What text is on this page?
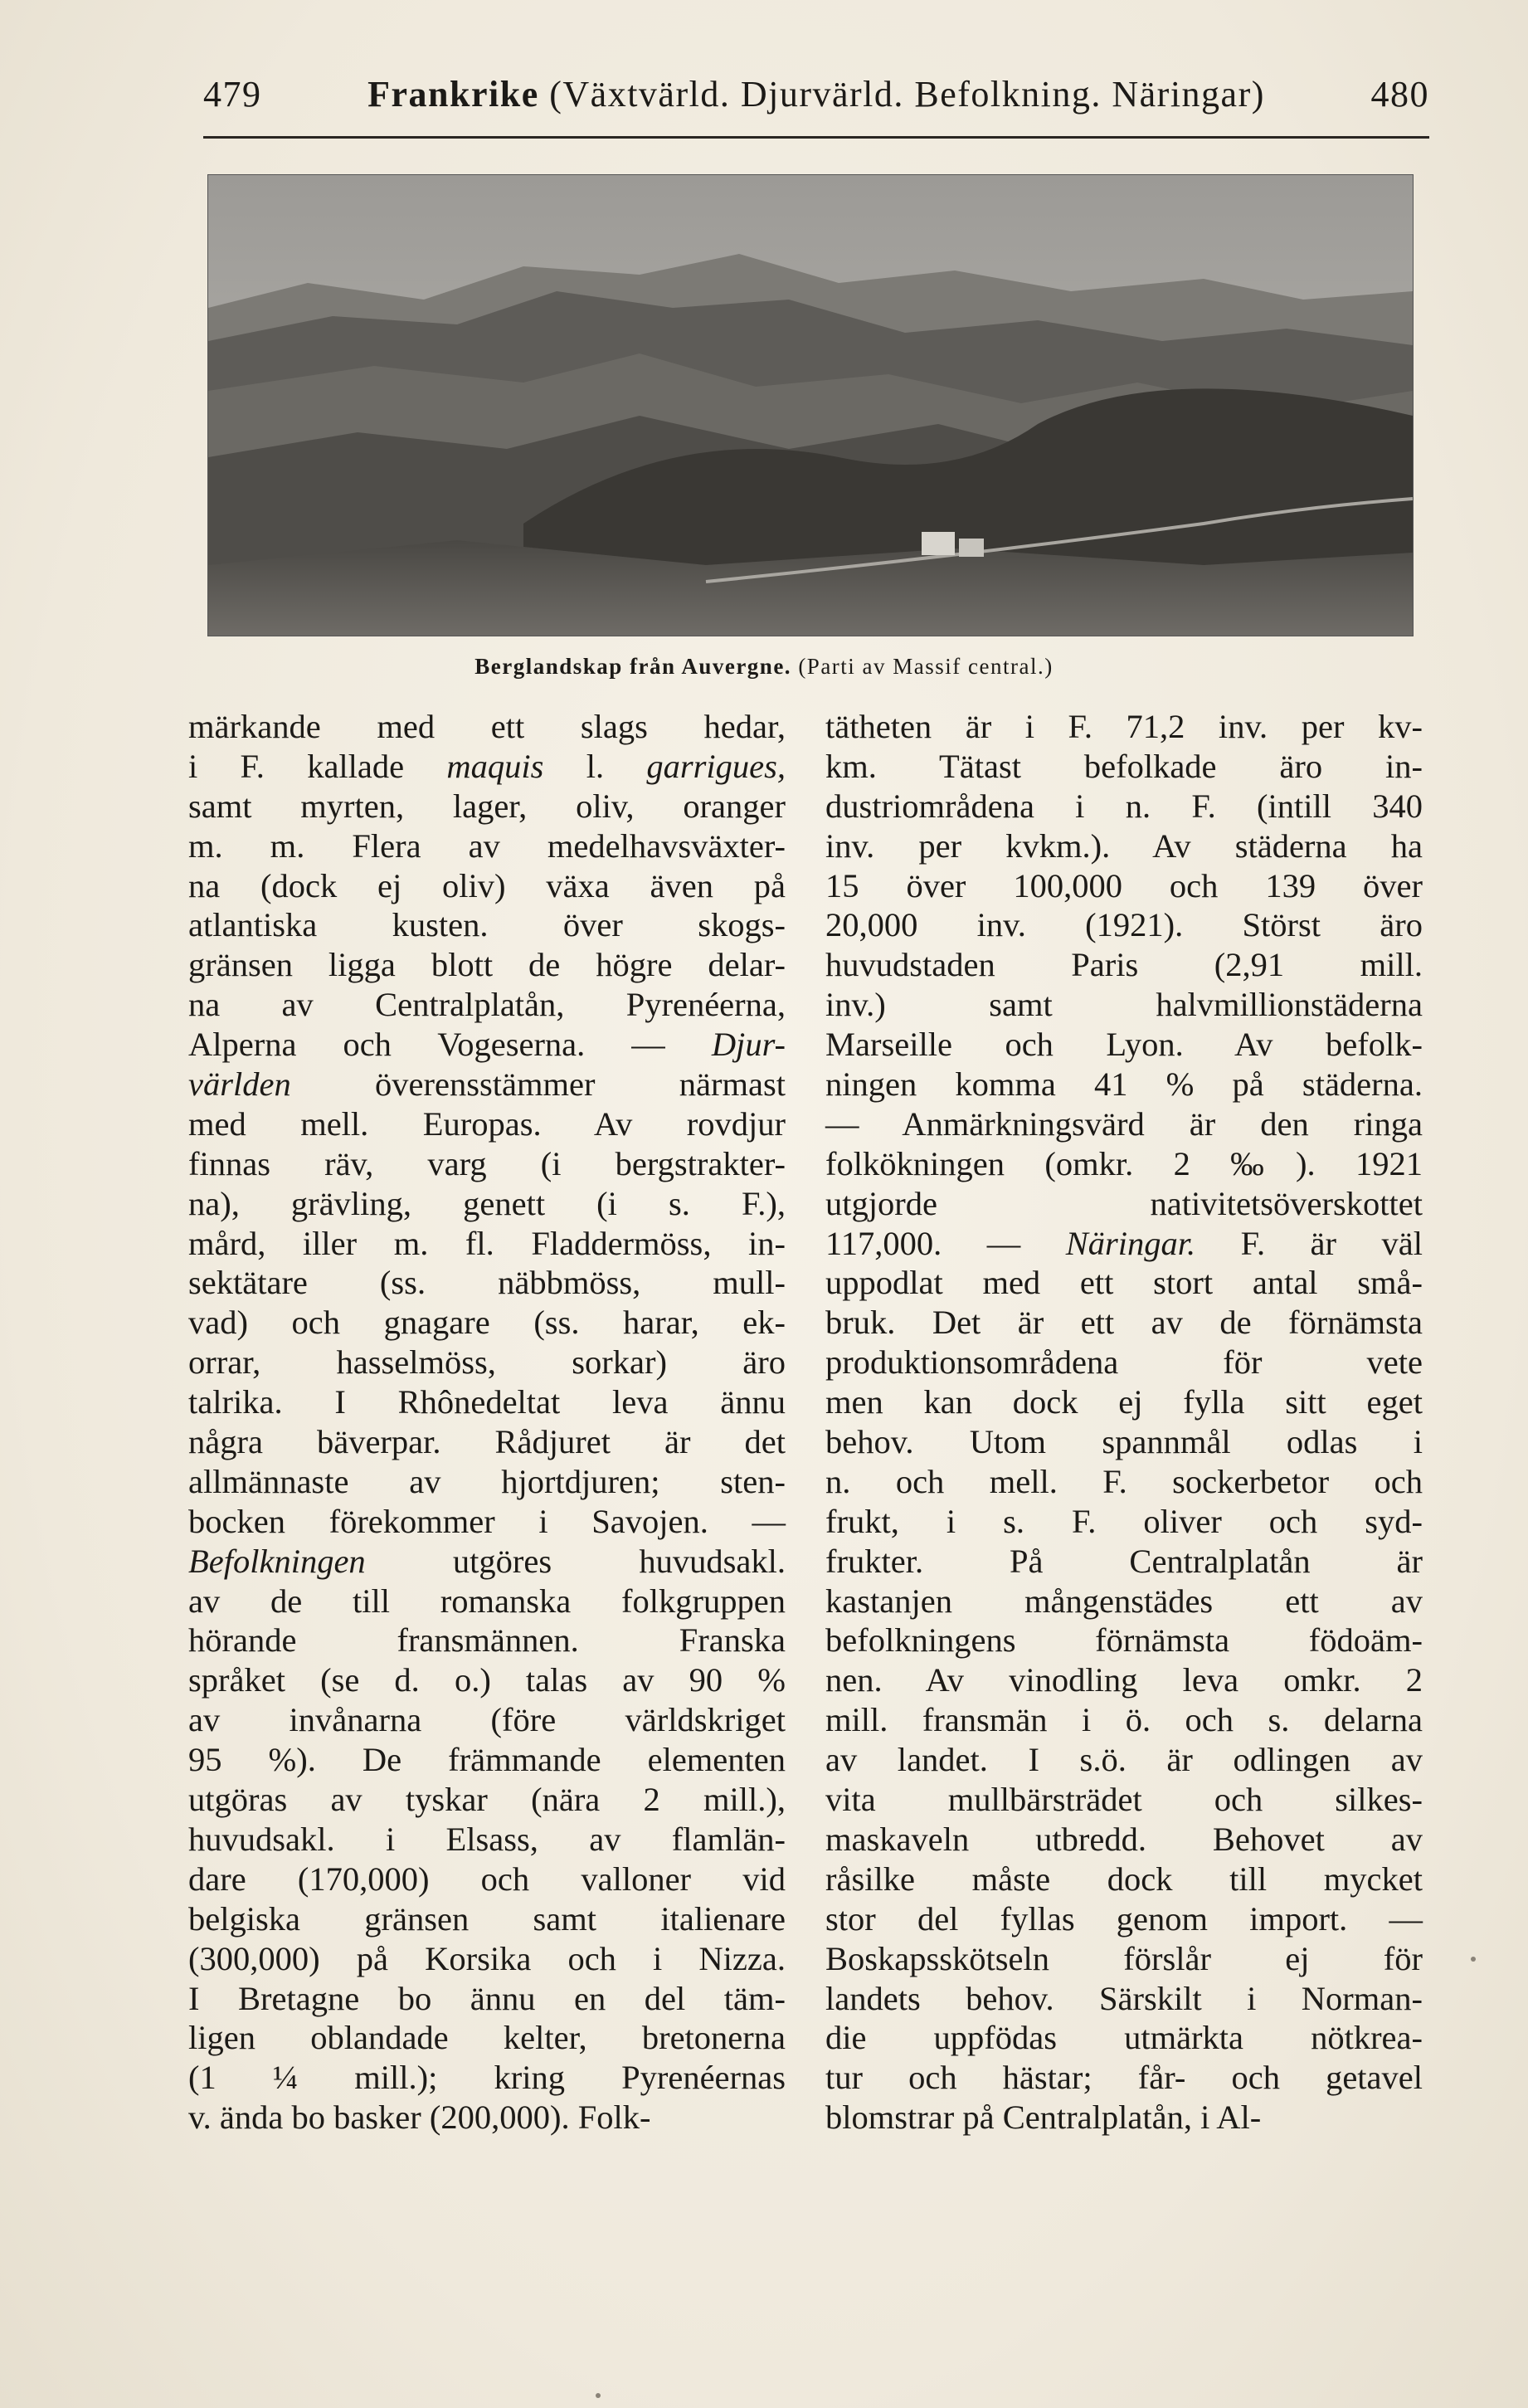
479	Frankrike (Växtvärld. Djurvärld. Befolkning. Näringar)	480
Berglandskap från Auvergne. (Parti av Massif central.)
märkande med ett slags hedar,
i F. kallade maquis l. garrigues,
samt myrten, lager, oliv, oranger
m. m. Flera av medelhavsväxter-
na (dock ej oliv) växa även på
atlantiska kusten. över skogs-
gränsen ligga blott de högre delar-
na av Centralplatån, Pyrenéerna,
Alperna och Vogeserna. — Djur-
världen överensstämmer närmast
med mell. Europas. Av rovdjur
finnas räv, varg (i bergstrakter-
na), grävling, genett (i s. F.),
mård, iller m. fl. Fladdermöss, in-
sektätare (ss. näbbmöss, mull-
vad) och gnagare (ss. harar, ek-
orrar, hasselmöss, sorkar) äro
talrika. I Rhônedeltat leva ännu
några bäverpar. Rådjuret är det
allmännaste av hjortdjuren; sten-
bocken förekommer i Savojen. —
Befolkningen utgöres huvudsakl.
av de till romanska folkgruppen
hörande fransmännen. Franska
språket (se d. o.) talas av 90 %
av invånarna (före världskriget
95 %). De främmande elementen
utgöras av tyskar (nära 2 mill.),
huvudsakl. i Elsass, av flamlän-
dare (170,000) och valloner vid
belgiska gränsen samt italienare
(300,000) på Korsika och i Nizza.
I Bretagne bo ännu en del täm-
ligen oblandade kelter, bretonerna
(1 ¼ mill.); kring Pyrenéernas
v. ända bo basker (200,000). Folk-
tätheten är i F. 71,2 inv. per kv-
km. Tätast befolkade äro in-
dustriområdena i n. F. (intill 340
inv. per kvkm.). Av städerna ha
15 över 100,000 och 139 över
20,000 inv. (1921). Störst äro
huvudstaden Paris (2,91 mill.
inv.) samt halvmillionstäderna
Marseille och Lyon. Av befolk-
ningen komma 41 % på städerna.
— Anmärkningsvärd är den ringa
folkökningen (omkr. 2 ‰). 1921
utgjorde nativitetsöverskottet
117,000. — Näringar. F. är väl
uppodlat med ett stort antal små-
bruk. Det är ett av de förnämsta
produktionsområdena för vete
men kan dock ej fylla sitt eget
behov. Utom spannmål odlas i
n. och mell. F. sockerbetor och
frukt, i s. F. oliver och syd-
frukter. På Centralplatån är
kastanjen mångenstädes ett av
befolkningens förnämsta födoäm-
nen. Av vinodling leva omkr. 2
mill. fransmän i ö. och s. delarna
av landet. I s.ö. är odlingen av
vita mullbärsträdet och silkes-
maskaveln utbredd. Behovet av
råsilke måste dock till mycket
stor del fyllas genom import. —
Boskapsskötseln förslår ej för
landets behov. Särskilt i Norman-
die uppfödas utmärkta nötkrea-
tur och hästar; får- och getavel
blomstrar på Centralplatån, i Al-
